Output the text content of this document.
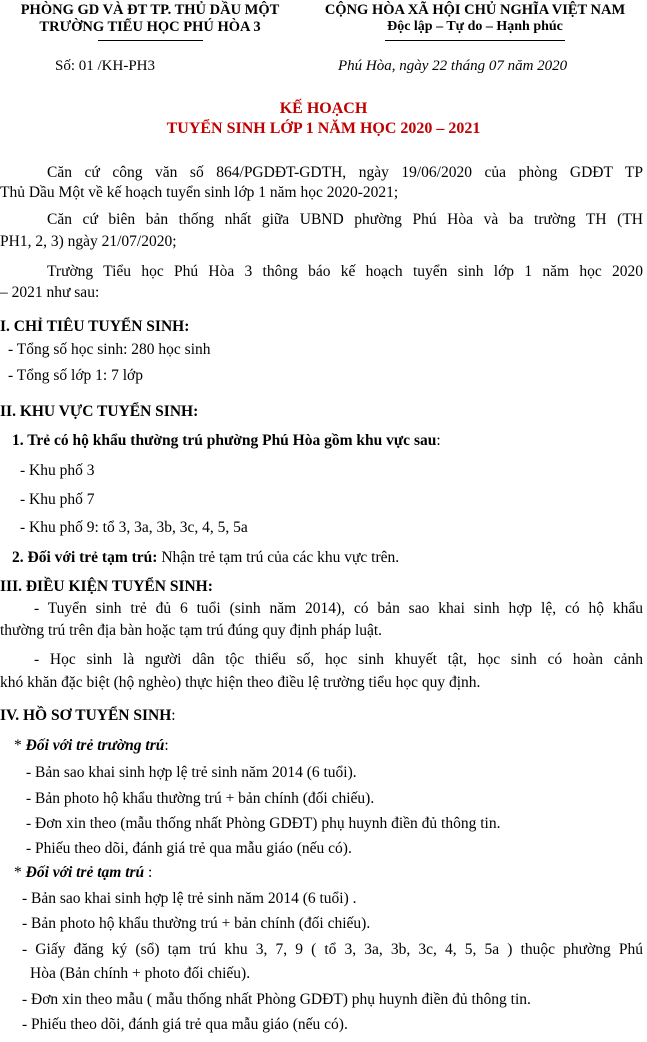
PHÒNG GD VÀ ĐT TP. THỦ DẦU MỘT
TRƯỜNG TIỂU HỌC PHÚ HÒA 3
CỘNG HÒA XÃ HỘI CHỦ NGHĨA VIỆT NAM
Độc lập – Tự do – Hạnh phúc
Số: 01 /KH-PH3	Phú Hòa, ngày 22 tháng 07 năm 2020
KẾ HOẠCH
TUYỂN SINH LỚP 1 NĂM HỌC 2020 – 2021
Căn cứ công văn số 864/PGDĐT-GDTH, ngày 19/06/2020 của phòng GDĐT TP
Thủ Dầu Một về kế hoạch tuyển sinh lớp 1 năm học 2020-2021;
Căn cứ biên bản thống nhất giữa UBND phường Phú Hòa và ba trường TH (TH
PH1, 2, 3) ngày 21/07/2020;
Trường Tiểu học Phú Hòa 3 thông báo kế hoạch tuyển sinh lớp 1 năm học 2020
– 2021 như sau:
I. CHỈ TIÊU TUYỂN SINH:
- Tổng số học sinh: 280 học sinh
- Tổng số lớp 1: 7 lớp
II. KHU VỰC TUYỂN SINH:
1. Trẻ có hộ khẩu thường trú phường Phú Hòa gồm khu vực sau:
- Khu phố 3
- Khu phố 7
- Khu phố 9: tổ 3, 3a, 3b, 3c, 4, 5, 5a
2. Đối với trẻ tạm trú: Nhận trẻ tạm trú của các khu vực trên.
III. ĐIỀU KIỆN TUYỂN SINH:
- Tuyển sinh trẻ đủ 6 tuổi (sinh năm 2014), có bản sao khai sinh hợp lệ, có hộ khẩu
thường trú trên địa bàn hoặc tạm trú đúng quy định pháp luật.
- Học sinh là người dân tộc thiểu số, học sinh khuyết tật, học sinh có hoàn cảnh
khó khăn đặc biệt (hộ nghèo) thực hiện theo điều lệ trường tiểu học quy định.
IV. HỒ SƠ TUYỂN SINH:
* Đối với trẻ trường trú:
- Bản sao khai sinh hợp lệ trẻ sinh năm 2014 (6 tuổi).
- Bản photo hộ khẩu thường trú + bản chính (đối chiếu).
- Đơn xin theo (mẫu thống nhất Phòng GDĐT) phụ huynh điền đủ thông tin.
- Phiếu theo dõi, đánh giá trẻ qua mẫu giáo (nếu có).
* Đối với trẻ tạm trú :
- Bản sao khai sinh hợp lệ trẻ sinh năm 2014 (6 tuổi) .
- Bản photo hộ khẩu thường trú + bản chính (đối chiếu).
- Giấy đăng ký (sổ) tạm trú khu 3, 7, 9 ( tổ 3, 3a, 3b, 3c, 4, 5, 5a ) thuộc phường Phú
Hòa (Bản chính + photo đối chiếu).
- Đơn xin theo mẫu ( mẫu thống nhất Phòng GDĐT) phụ huynh điền đủ thông tin.
- Phiếu theo dõi, đánh giá trẻ qua mẫu giáo (nếu có).
